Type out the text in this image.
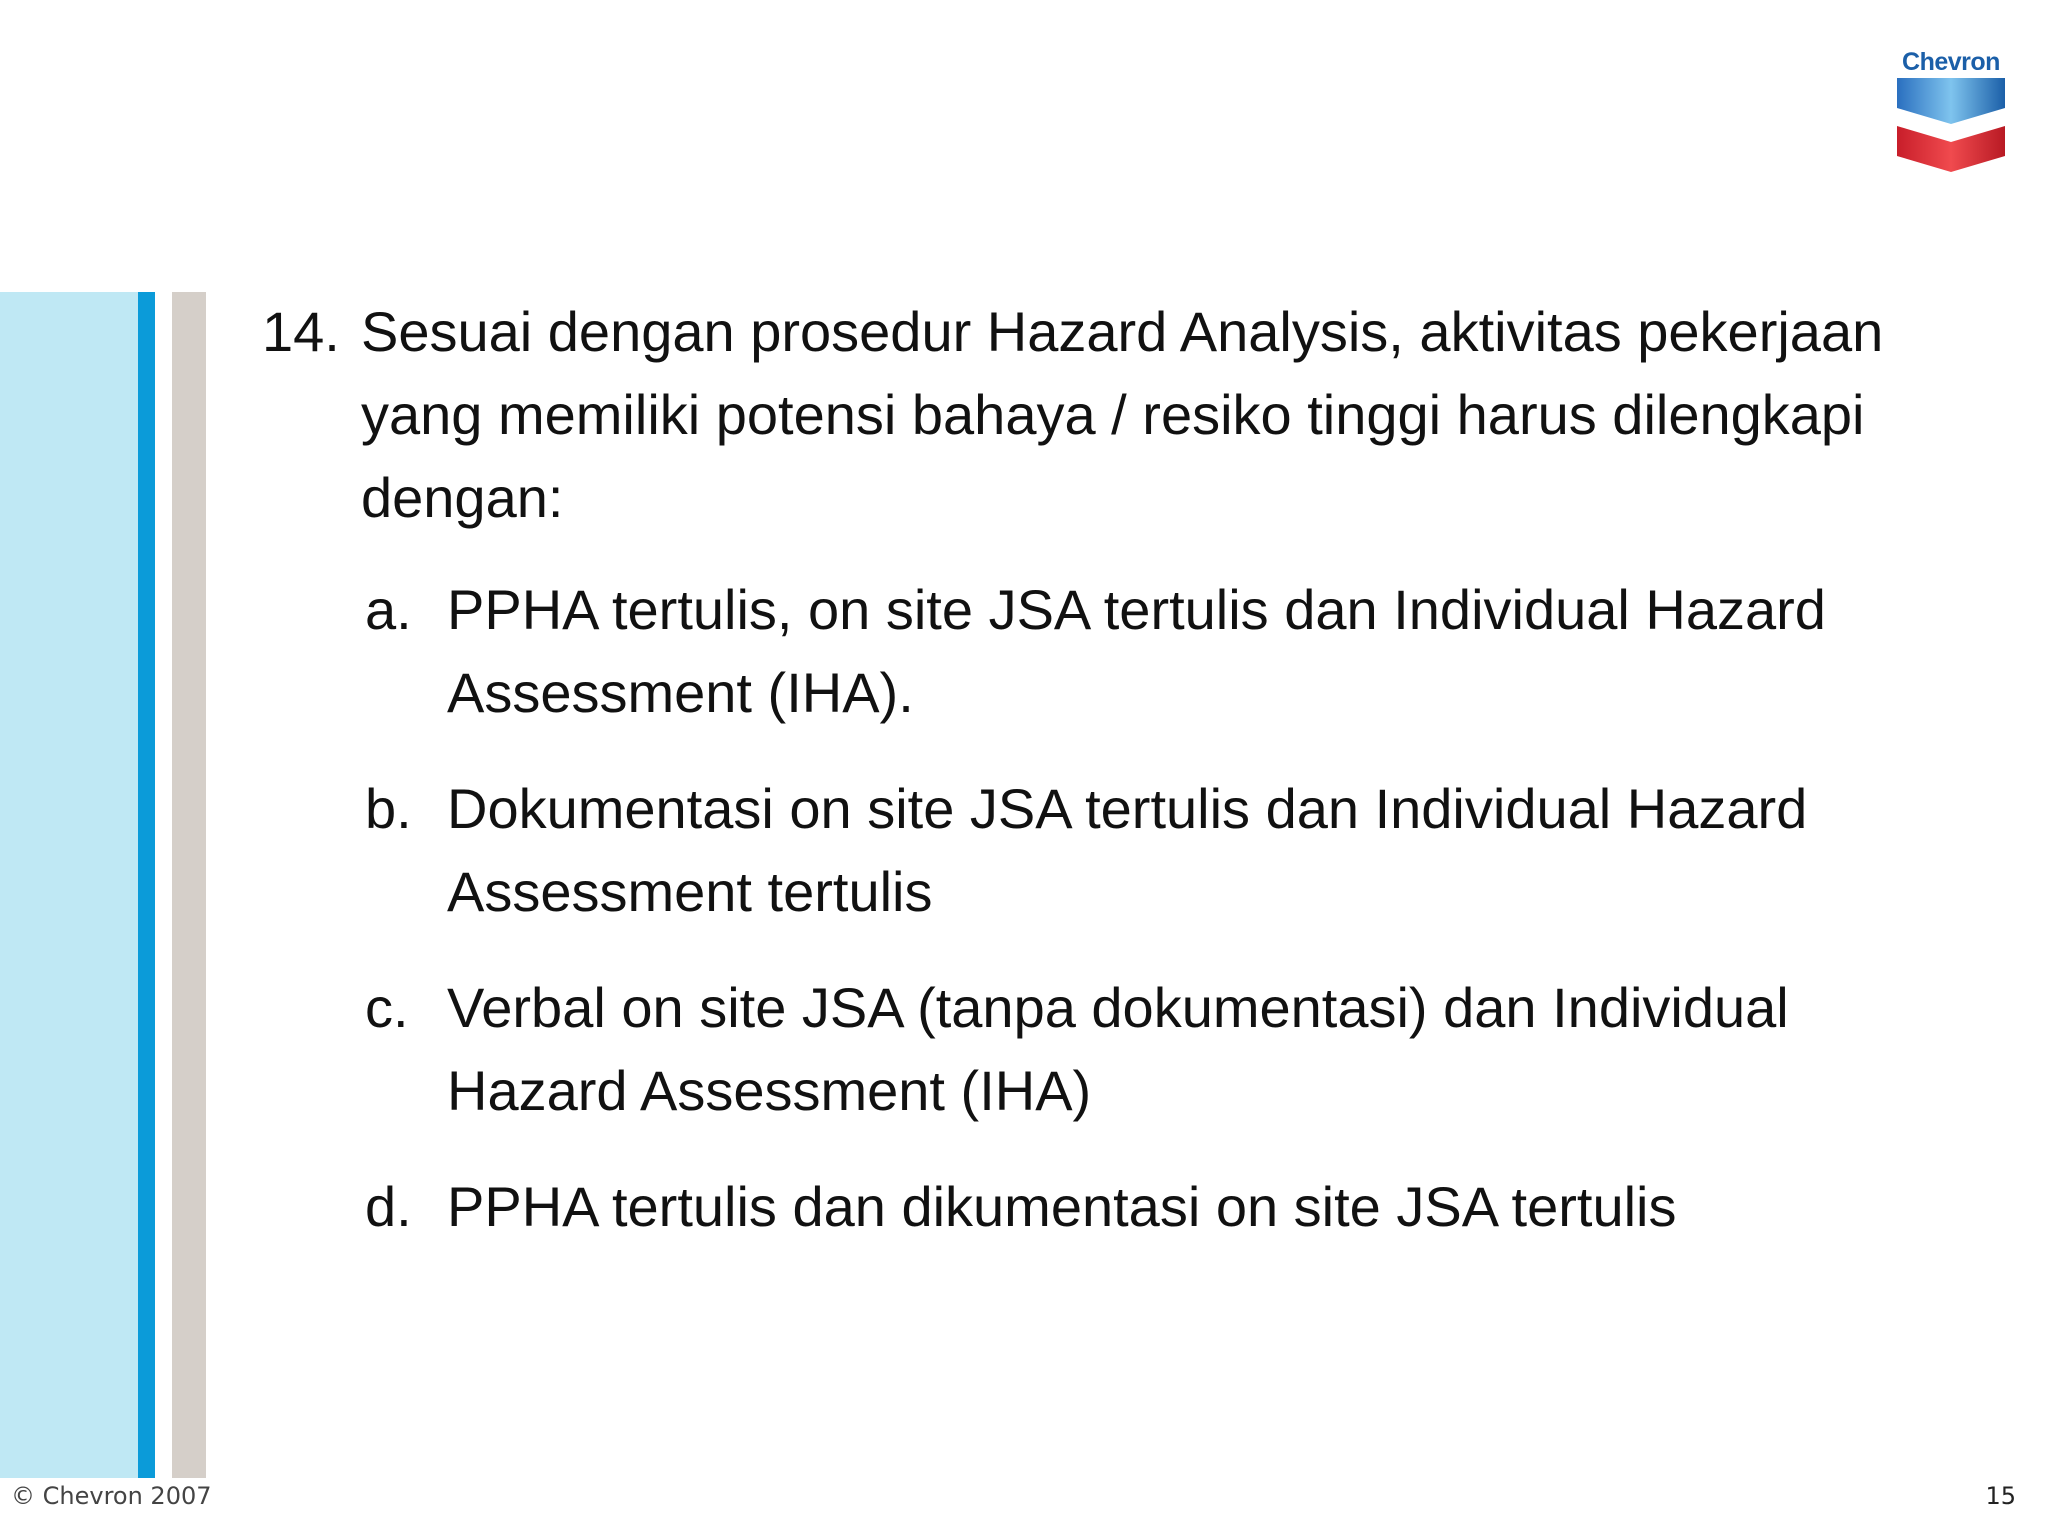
Chevron
14. Sesuai dengan prosedur Hazard Analysis, aktivitas pekerjaan yang memiliki potensi bahaya / resiko tinggi harus dilengkapi dengan:
a. PPHA tertulis, on site JSA tertulis dan Individual Hazard Assessment (IHA).
b. Dokumentasi on site JSA tertulis dan Individual Hazard Assessment tertulis
c. Verbal on site JSA (tanpa dokumentasi) dan Individual Hazard Assessment (IHA)
d. PPHA tertulis dan dikumentasi on site JSA tertulis
© Chevron 2007	15
